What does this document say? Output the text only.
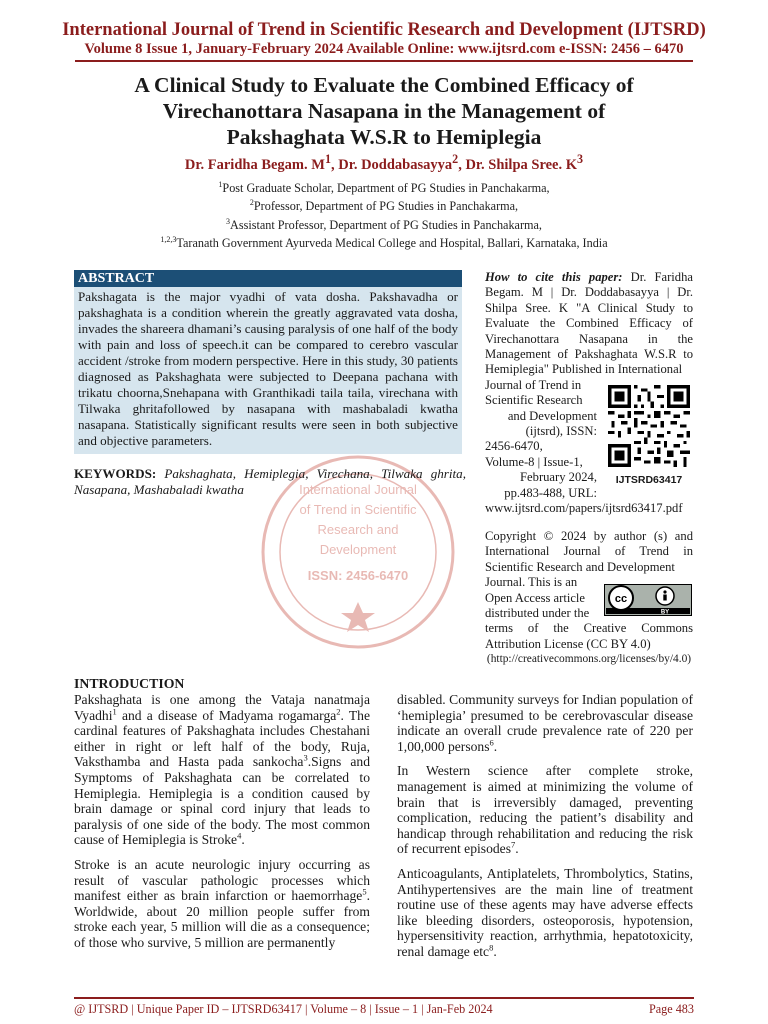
International Journal of Trend in Scientific Research and Development (IJTSRD)
Volume 8 Issue 1, January-February 2024 Available Online: www.ijtsrd.com e-ISSN: 2456 – 6470
A Clinical Study to Evaluate the Combined Efficacy of
Virechanottara Nasapana in the Management of
Pakshaghata W.S.R to Hemiplegia
Dr. Faridha Begam. $M^1$, Dr. Doddabasayya$^2$, Dr. Shilpa Sree. $K^3$
$^1$Post Graduate Scholar, Department of PG Studies in Panchakarma,
$^2$Professor, Department of PG Studies in Panchakarma,
$^3$Assistant Professor, Department of PG Studies in Panchakarma,
$^{1,2,3}$Taranath Government Ayurveda Medical College and Hospital, Ballari, Karnataka, India
ABSTRACT
Pakshagata is the major vyadhi of vata dosha. Pakshavadha or pakshaghata is a condition wherein the greatly aggravated vata dosha, invades the shareera dhamani’s causing paralysis of one half of the body with pain and loss of speech.it can be compared to cerebro vascular accident /stroke from modern perspective. Here in this study, 30 patients diagnosed as Pakshaghata were subjected to Deepana pachana with trikatu choorna,Snehapana with Granthikadi taila taila, virechana with Tilwaka ghritafollowed by nasapana with mashabaladi kwatha nasapana. Statistically significant results were seen in both subjective and objective parameters.
International Journal
of Trend in Scientific
Research and
Development
ISSN: 2456-6470
KEYWORDS: Pakshaghata, Hemiplegia, Virechana, Tilwaka ghrita, Nasapana, Mashabaladi kwatha
How to cite this paper: Dr. Faridha Begam. M | Dr. Doddabasayya | Dr. Shilpa Sree. K "A Clinical Study to Evaluate the Combined Efficacy of Virechanottara Nasapana in the Management of Pakshaghata W.S.R to Hemiplegia" Published in International
Journal of Trend in
Scientific Research
and Development
(ijtsrd), ISSN:
2456-6470,
Volume-8 | Issue-1,
February 2024,
pp.483-488, URL:
www.ijtsrd.com/papers/ijtsrd63417.pdf
IJTSRD63417
Copyright © 2024 by author (s) and International Journal of Trend in Scientific Research and Development
Journal. This is an
Open Access article
distributed under the
terms of the Creative Commons Attribution License (CC BY 4.0)
(http://creativecommons.org/licenses/by/4.0)
cc
BY
INTRODUCTION

Pakshaghata is one among the Vataja nanatmaja Vyadhi$^1$ and a disease of Madyama rogamarga$^2$. The cardinal features of Pakshaghata includes Chestahani either in right or left half of the body, Ruja, Vaksthamba and Hasta pada sankocha$^3$.Signs and Symptoms of Pakshaghata can be correlated to Hemiplegia. Hemiplegia is a condition caused by brain damage or spinal cord injury that leads to paralysis of one side of the body. The most common cause of Hemiplegia is Stroke$^4$.

Stroke is an acute neurologic injury occurring as result of vascular pathologic processes which manifest either as brain infarction or haemorrhage$^5$. Worldwide, about 20 million people suffer from stroke each year, 5 million will die as a consequence; of those who survive, 5 million are permanently

disabled. Community surveys for Indian population of ‘hemiplegia’ presumed to be cerebrovascular disease indicate an overall crude prevalence rate of 220 per 1,00,000 persons$^6$.

In Western science after complete stroke, management is aimed at minimizing the volume of brain that is irreversibly damaged, preventing complication, reducing the patient’s disability and handicap through rehabilitation and reducing the risk of recurrent episodes$^7$.

Anticoagulants, Antiplatelets, Thrombolytics, Statins, Antihypertensives are the main line of treatment routine use of these agents may have adverse effects like bleeding disorders, osteoporosis, hypotension, hypersensitivity reaction, arrhythmia, hepatotoxicity, renal damage etc$^8$.

@ IJTSRD | Unique Paper ID – IJTSRD63417 | Volume – 8 | Issue – 1 | Jan-Feb 2024	Page 483
